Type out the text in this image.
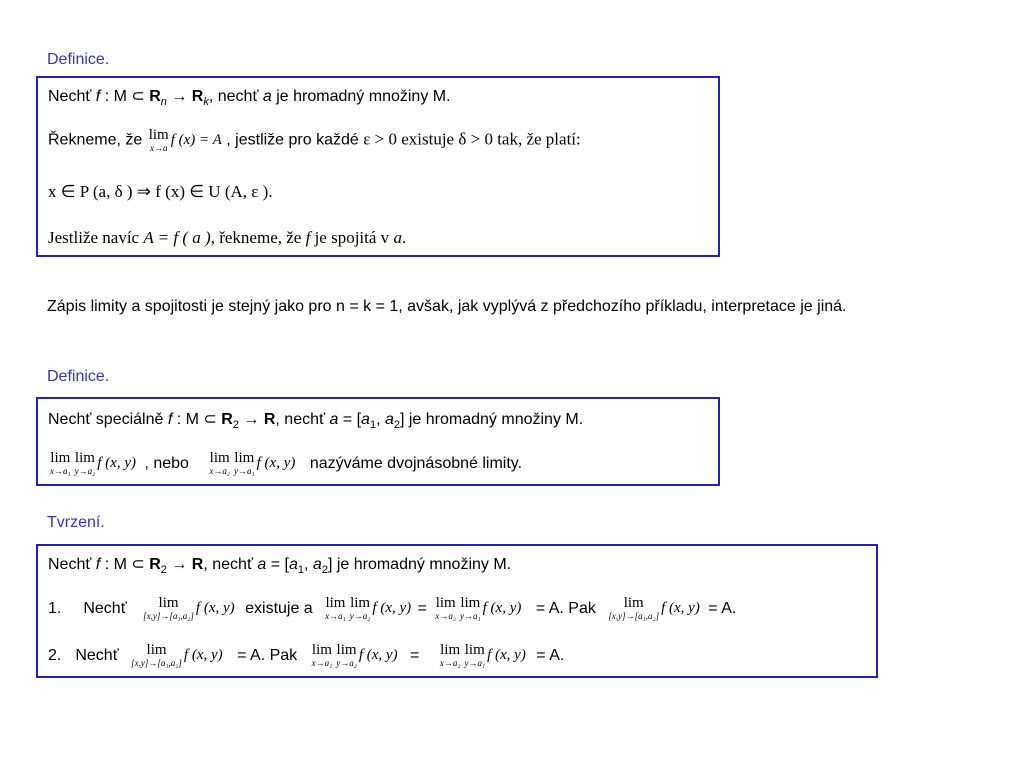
Definice.
Nechť f : M ⊂ $R_n \to R_k$, nechť a je hromadný množiny M.
Řekneme, že lim
x→a f (x) = A , jestliže pro každé ε > 0 existuje δ > 0 tak, že platí:
x ∈ P (a, δ ) ⇒ f (x) ∈ U (A, ε ).
Jestliže navíc A = f ( a ), řekneme, že f je spojitá v a.
Zápis limity a spojitosti je stejný jako pro n = k = 1, avšak, jak vyplývá z předchozího příkladu, interpretace je jiná.
Definice.
Nechť speciálně f : M ⊂ $R_2 \to R$, nechť $a = [a_1$, $a_2$] je hromadný množiny M.
lim
x→a₁
lim
y→a₂ f (x, y) , nebo lim
x→a₂
lim
y→a₁ f (x, y) nazýváme dvojnásobné limity.
Tvrzení.
Nechť f : M ⊂ $R_2 \to R$, nechť $a = [a_1$, $a_2$] je hromadný množiny M.
1. Nechť	lim
[x,y]→[a₁,a₂] f (x, y) existuje a lim
x→a₁
lim
y→a₂ f (x, y) = lim
x→a₂
lim
y→a₁ f (x, y) = A. Pak	lim
[x,y]→[a₁,a₂] f (x, y) = A.
2. Nechť	lim
[x,y]→[a₁,a₂] f (x, y) = A. Pak lim
x→a₁
lim
y→a₂ f (x, y) = lim
x→a₂
lim
y→a₁ f (x, y) = A.
